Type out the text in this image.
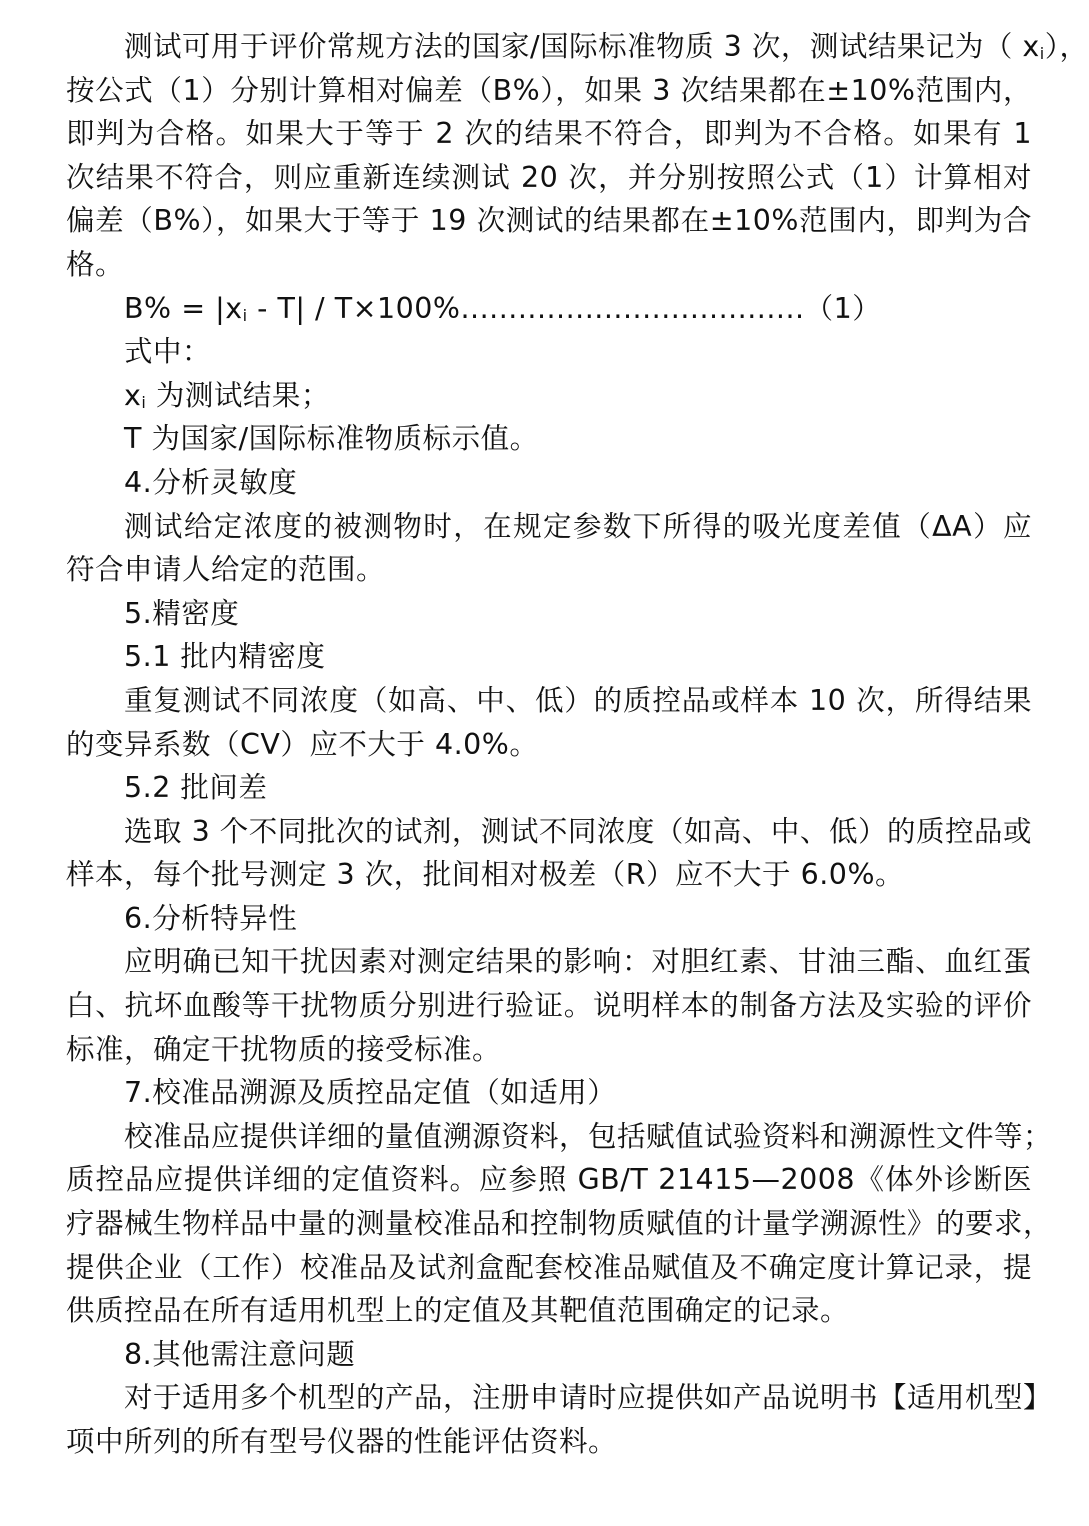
测试可用于评价常规方法的国家/国际标准物质 3 次，测试结果记为（ $x_i$），
按公式（1）分别计算相对偏差（B%），如果 3 次结果都在±10%范围内，
即判为合格。如果大于等于 2 次的结果不符合，即判为不合格。如果有 1
次结果不符合，则应重新连续测试 20 次，并分别按照公式（1）计算相对
偏差（B%），如果大于等于 19 次测试的结果都在±10%范围内，即判为合
格。
$B\% = |x_i - T| / T\times 100\%....................................(1)$
式中：
$x_i$ 为测试结果；
T 为国家/国际标准物质标示值。
4.分析灵敏度
测试给定浓度的被测物时，在规定参数下所得的吸光度差值（ΔA）应
符合申请人给定的范围。
5.精密度
5.1 批内精密度
重复测试不同浓度（如高、中、低）的质控品或样本 10 次，所得结果
的变异系数（CV）应不大于 4.0%。
5.2 批间差
选取 3 个不同批次的试剂，测试不同浓度（如高、中、低）的质控品或
样本，每个批号测定 3 次，批间相对极差（R）应不大于 6.0%。
6.分析特异性
应明确已知干扰因素对测定结果的影响：对胆红素、甘油三酯、血红蛋
白、抗坏血酸等干扰物质分别进行验证。说明样本的制备方法及实验的评价
标准，确定干扰物质的接受标准。
7.校准品溯源及质控品定值（如适用）
校准品应提供详细的量值溯源资料，包括赋值试验资料和溯源性文件等；
质控品应提供详细的定值资料。应参照 GB/T 21415—2008《体外诊断医
疗器械生物样品中量的测量校准品和控制物质赋值的计量学溯源性》的要求，
提供企业（工作）校准品及试剂盒配套校准品赋值及不确定度计算记录，提
供质控品在所有适用机型上的定值及其靶值范围确定的记录。
8.其他需注意问题
对于适用多个机型的产品，注册申请时应提供如产品说明书【适用机型】
项中所列的所有型号仪器的性能评估资料。
